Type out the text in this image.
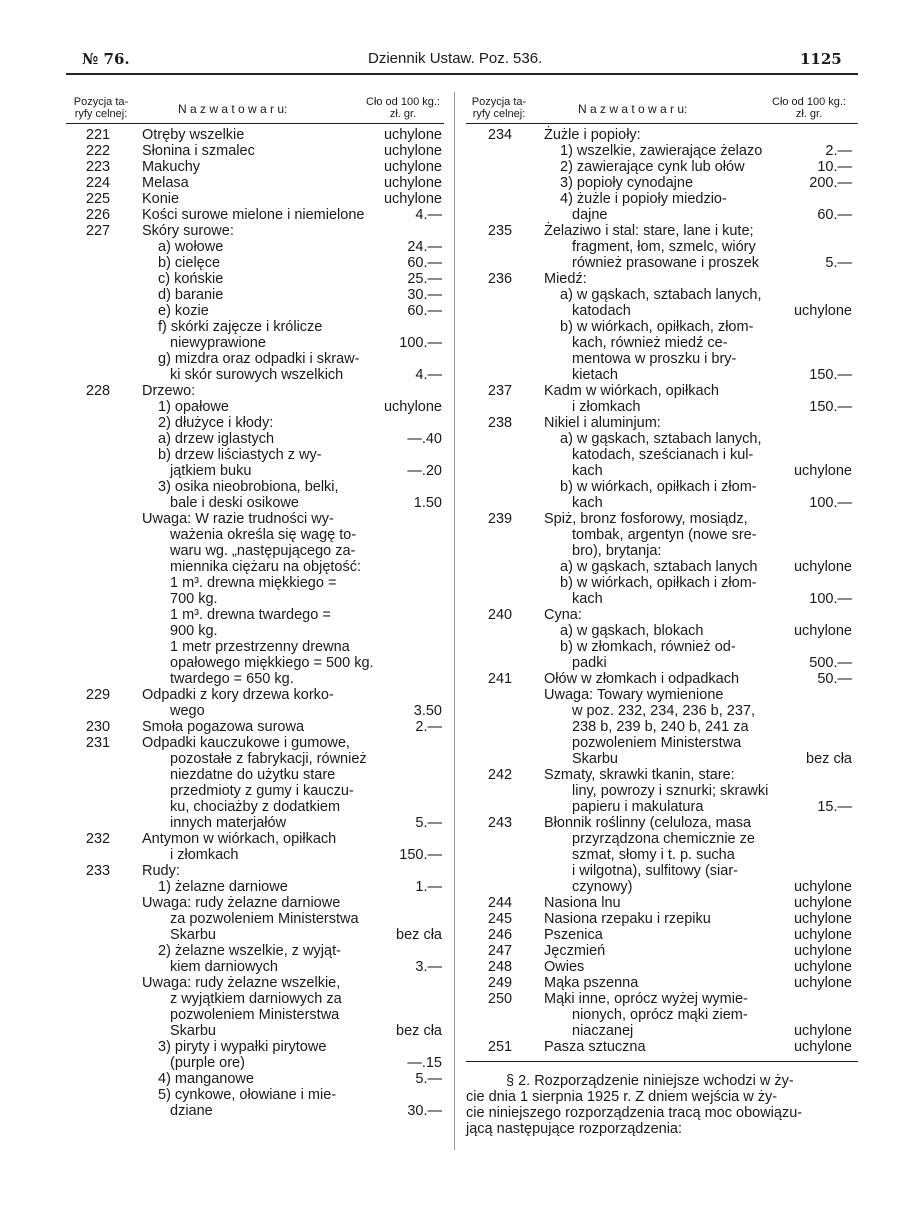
№ 76.	Dziennik Ustaw. Poz. 536.	1125
Pozycja ta-
ryfy celnej:	N a z w a t o w a r u:	Cło od 100 kg.:
zł. gr.
Pozycja ta-
ryfy celnej:	N a z w a t o w a r u:	Cło od 100 kg.:
zł. gr.
221	Otręby wszelkie	uchylone
222	Słonina i szmalec	uchylone
223	Makuchy	uchylone
224	Melasa	uchylone
225	Konie	uchylone
226	Kości surowe mielone i niemielone	4.—
227	Skóry surowe:
a) wołowe	24.—
b) cielęce	60.—
c) końskie	25.—
d) baranie	30.—
e) kozie	60.—
f) skórki zajęcze i królicze
niewyprawione	100.—
g) mizdra oraz odpadki i skraw-
ki skór surowych wszelkich	4.—
228	Drzewo:
1) opałowe	uchylone
2) dłużyce i kłody:
a) drzew iglastych	—.40
b) drzew liściastych z wy-
jątkiem buku	—.20
3) osika nieobrobiona, belki,
bale i deski osikowe	1.50
Uwaga: W razie trudności wy-
ważenia określa się wagę to-
waru wg. „następującego za-
miennika ciężaru na objętość:
1 m³. drewna miękkiego =
700 kg.
1 m³. drewna twardego =
900 kg.
1 metr przestrzenny drewna
opałowego miękkiego = 500 kg.
twardego = 650 kg.
229	Odpadki z kory drzewa korko-
wego	3.50
230	Smoła pogazowa surowa	2.—
231	Odpadki kauczukowe i gumowe,
pozostałe z fabrykacji, również
niezdatne do użytku stare
przedmioty z gumy i kauczu-
ku, chociażby z dodatkiem
innych materjałów	5.—
232	Antymon w wiórkach, opiłkach
i złomkach	150.—
233	Rudy:
1) żelazne darniowe	1.—
Uwaga: rudy żelazne darniowe
za pozwoleniem Ministerstwa
Skarbu	bez cła
2) żelazne wszelkie, z wyjąt-
kiem darniowych	3.—
Uwaga: rudy żelazne wszelkie,
z wyjątkiem darniowych za
pozwoleniem Ministerstwa
Skarbu	bez cła
3) piryty i wypałki pirytowe
(purple ore)	—.15
4) manganowe	5.—
5) cynkowe, ołowiane i mie-
dziane	30.—
234	Żużle i popioły:
1) wszelkie, zawierające żelazo	2.—
2) zawierające cynk lub ołów	10.—
3) popioły cynodajne	200.—
4) żużle i popioły miedzio-
dajne	60.—
235	Żelaziwo i stal: stare, lane i kute;
fragment, łom, szmelc, wióry
również prasowane i proszek	5.—
236	Miedź:
a) w gąskach, sztabach lanych,
katodach	uchylone
b) w wiórkach, opiłkach, złom-
kach, również miedź ce-
mentowa w proszku i bry-
kietach	150.—
237	Kadm w wiórkach, opiłkach
i złomkach	150.—
238	Nikiel i aluminjum:
a) w gąskach, sztabach lanych,
katodach, sześcianach i kul-
kach	uchylone
b) w wiórkach, opiłkach i złom-
kach	100.—
239	Spiż, bronz fosforowy, mosiądz,
tombak, argentyn (nowe sre-
bro), brytanja:
a) w gąskach, sztabach lanych	uchylone
b) w wiórkach, opiłkach i złom-
kach	100.—
240	Cyna:
a) w gąskach, blokach	uchylone
b) w złomkach, również od-
padki	500.—
241	Ołów w złomkach i odpadkach	50.—
Uwaga: Towary wymienione
w poz. 232, 234, 236 b, 237,
238 b, 239 b, 240 b, 241 za
pozwoleniem Ministerstwa
Skarbu	bez cła
242	Szmaty, skrawki tkanin, stare:
liny, powrozy i sznurki; skrawki
papieru i makulatura	15.—
243	Błonnik roślinny (celuloza, masa
przyrządzona chemicznie ze
szmat, słomy i t. p. sucha
i wilgotna), sulfitowy (siar-
czynowy)	uchylone
244	Nasiona lnu	uchylone
245	Nasiona rzepaku i rzepiku	uchylone
246	Pszenica	uchylone
247	Jęczmień	uchylone
248	Owies	uchylone
249	Mąka pszenna	uchylone
250	Mąki inne, oprócz wyżej wymie-
nionych, oprócz mąki ziem-
niaczanej	uchylone
251	Pasza sztuczna	uchylone
§ 2. Rozporządzenie niniejsze wchodzi w ży-
cie dnia 1 sierpnia 1925 r. Z dniem wejścia w ży-
cie niniejszego rozporządzenia tracą moc obowiązu-
jącą następujące rozporządzenia:
